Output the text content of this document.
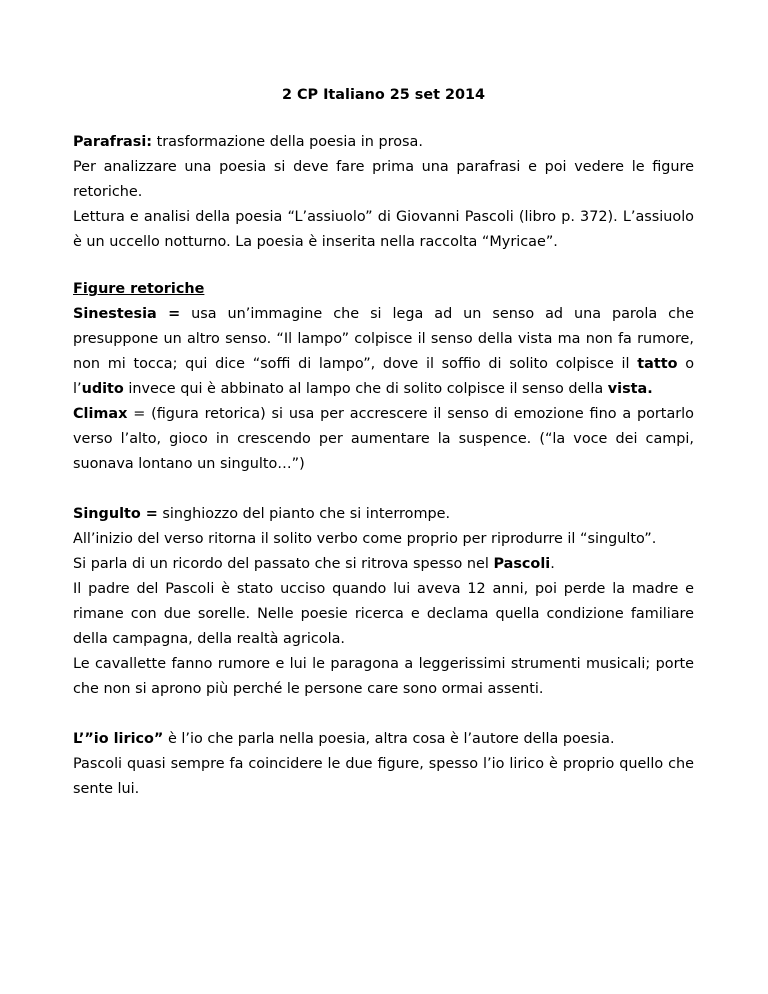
2 CP Italiano 25 set 2014

Parafrasi: trasformazione della poesia in prosa.

Per analizzare una poesia si deve fare prima una parafrasi e poi vedere le figure retoriche.

Lettura e analisi della poesia “L’assiuolo” di Giovanni Pascoli (libro p. 372). L’assiuolo è un uccello notturno. La poesia è inserita nella raccolta “Myricae”.

Figure retoriche

Sinestesia = usa un’immagine che si lega ad un senso ad una parola che presuppone un altro senso. “Il lampo” colpisce il senso della vista ma non fa rumore, non mi tocca; qui dice “soffi di lampo”, dove il soffio di solito colpisce il tatto o l’udito invece qui è abbinato al lampo che di solito colpisce il senso della vista.

Climax = (figura retorica) si usa per accrescere il senso di emozione fino a portarlo verso l’alto, gioco in crescendo per aumentare la suspence. (“la voce dei campi, suonava lontano un singulto…”)

Singulto = singhiozzo del pianto che si interrompe.

All’inizio del verso ritorna il solito verbo come proprio per riprodurre il “singulto”.

Si parla di un ricordo del passato che si ritrova spesso nel Pascoli.

Il padre del Pascoli è stato ucciso quando lui aveva 12 anni, poi perde la madre e rimane con due sorelle. Nelle poesie ricerca e declama quella condizione familiare della campagna, della realtà agricola.

Le cavallette fanno rumore e lui le paragona a leggerissimi strumenti musicali; porte che non si aprono più perché le persone care sono ormai assenti.

L’”io lirico” è l’io che parla nella poesia, altra cosa è l’autore della poesia.

Pascoli quasi sempre fa coincidere le due figure, spesso l’io lirico è proprio quello che sente lui.
